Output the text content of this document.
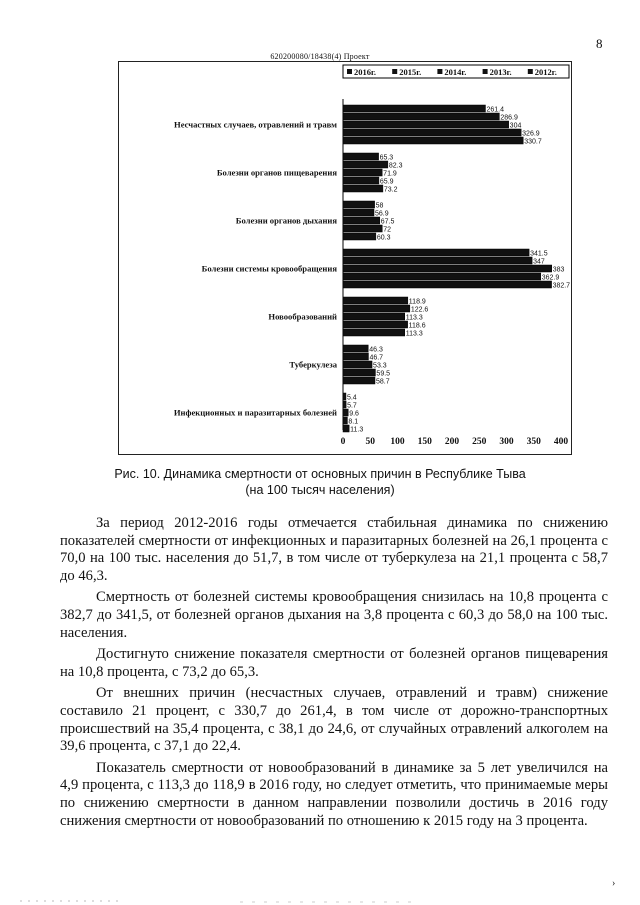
8
620200080/18438(4) Проект
2016г.	2015г.	2014г.	2013г.	2012г.
Несчастных случаев, отравлений и травм
261.4
286.9
304
326.9
330.7
Болезни органов пищеварения
65.3
82.3
71.9
65.9
73.2
Болезни органов дыхания
58
56.9
67.5
72
60.3
Болезни системы кровообращения
341.5
347
383
362.9
382.7
Новообразований
118.9
122.6
113.3
118.6
113.3
Туберкулеза
46.3
46.7
53.3
59.5
58.7
Инфекционных и паразитарных болезней
5.4
5.7
9.6
8.1
11.3
0 50 100 150 200 250 300 350 400
Рис. 10. Динамика смертности от основных причин в Республике Тыва
(на 100 тысяч населения)

За период 2012-2016 годы отмечается стабильная динамика по снижению показателей смертности от инфекционных и паразитарных болезней на 26,1 процента с 70,0 на 100 тыс. населения до 51,7, в том числе от туберкулеза на 21,1 процента с 58,7 до 46,3.

Смертность от болезней системы кровообращения снизилась на 10,8 процента с 382,7 до 341,5, от болезней органов дыхания на 3,8 процента с 60,3 до 58,0 на 100 тыс. населения.

Достигнуто снижение показателя смертности от болезней органов пищеварения на 10,8 процента, с 73,2 до 65,3.

От внешних причин (несчастных случаев, отравлений и травм) снижение составило 21 процент, с 330,7 до 261,4, в том числе от дорожно-транспортных происшествий на 35,4 процента, с 38,1 до 24,6, от случайных отравлений алкоголем на 39,6 процента, с 37,1 до 22,4.

Показатель смертности от новообразований в динамике за 5 лет увеличился на 4,9 процента, с 113,3 до 118,9 в 2016 году, но следует отметить, что принимаемые меры по снижению смертности в данном направлении позволили достичь в 2016 году снижения смертности от новообразований по отношению к 2015 году на 3 процента.

›
